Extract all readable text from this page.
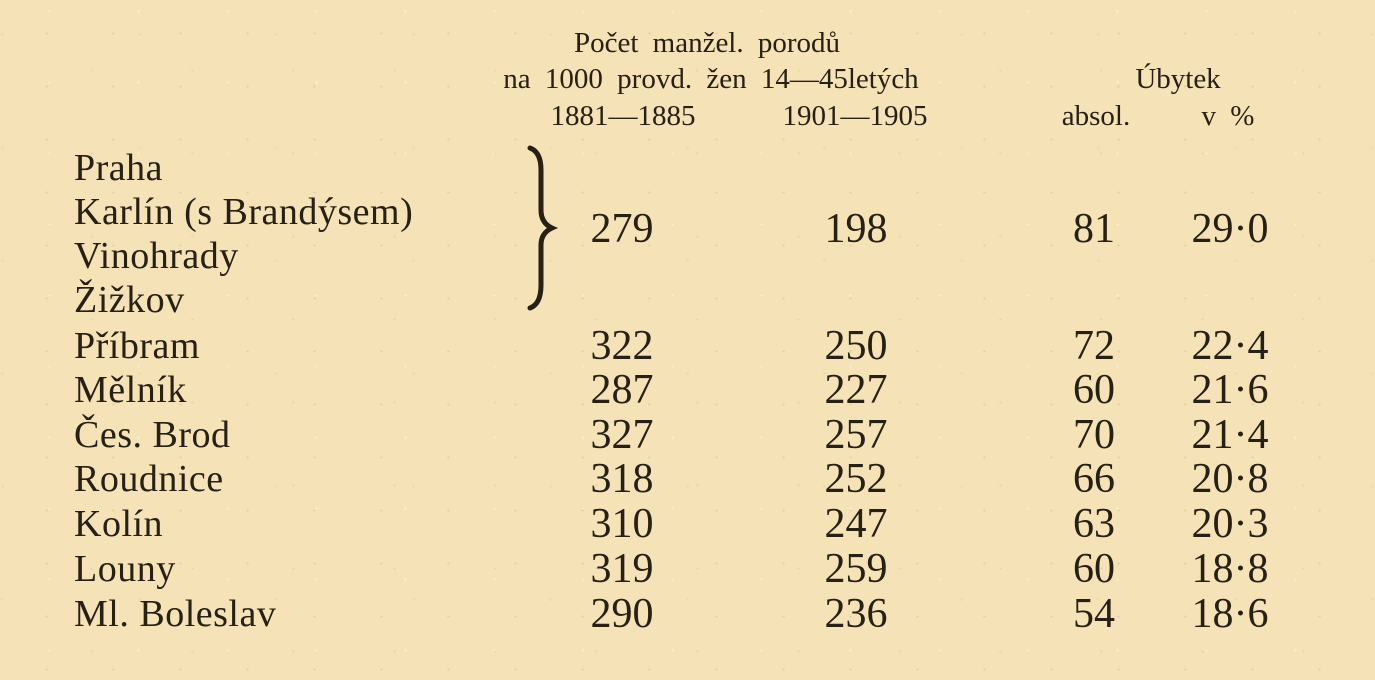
Počet manžel. porodů
na 1000 provd. žen 14—45letých	Úbytek
1881—1885	1901—1905	absol. v %
Praha
Karlín (s Brandýsem)
Vinohrady
Žižkov
279	198	81 29·0
Příbram	322	250	72 22·4
Mělník	287	227	60 21·6
Čes. Brod	327	257	70 21·4
Roudnice	318	252	66 20·8
Kolín	310	247	63 20·3
Louny	319	259	60 18·8
Ml. Boleslav	290	236	54 18·6
